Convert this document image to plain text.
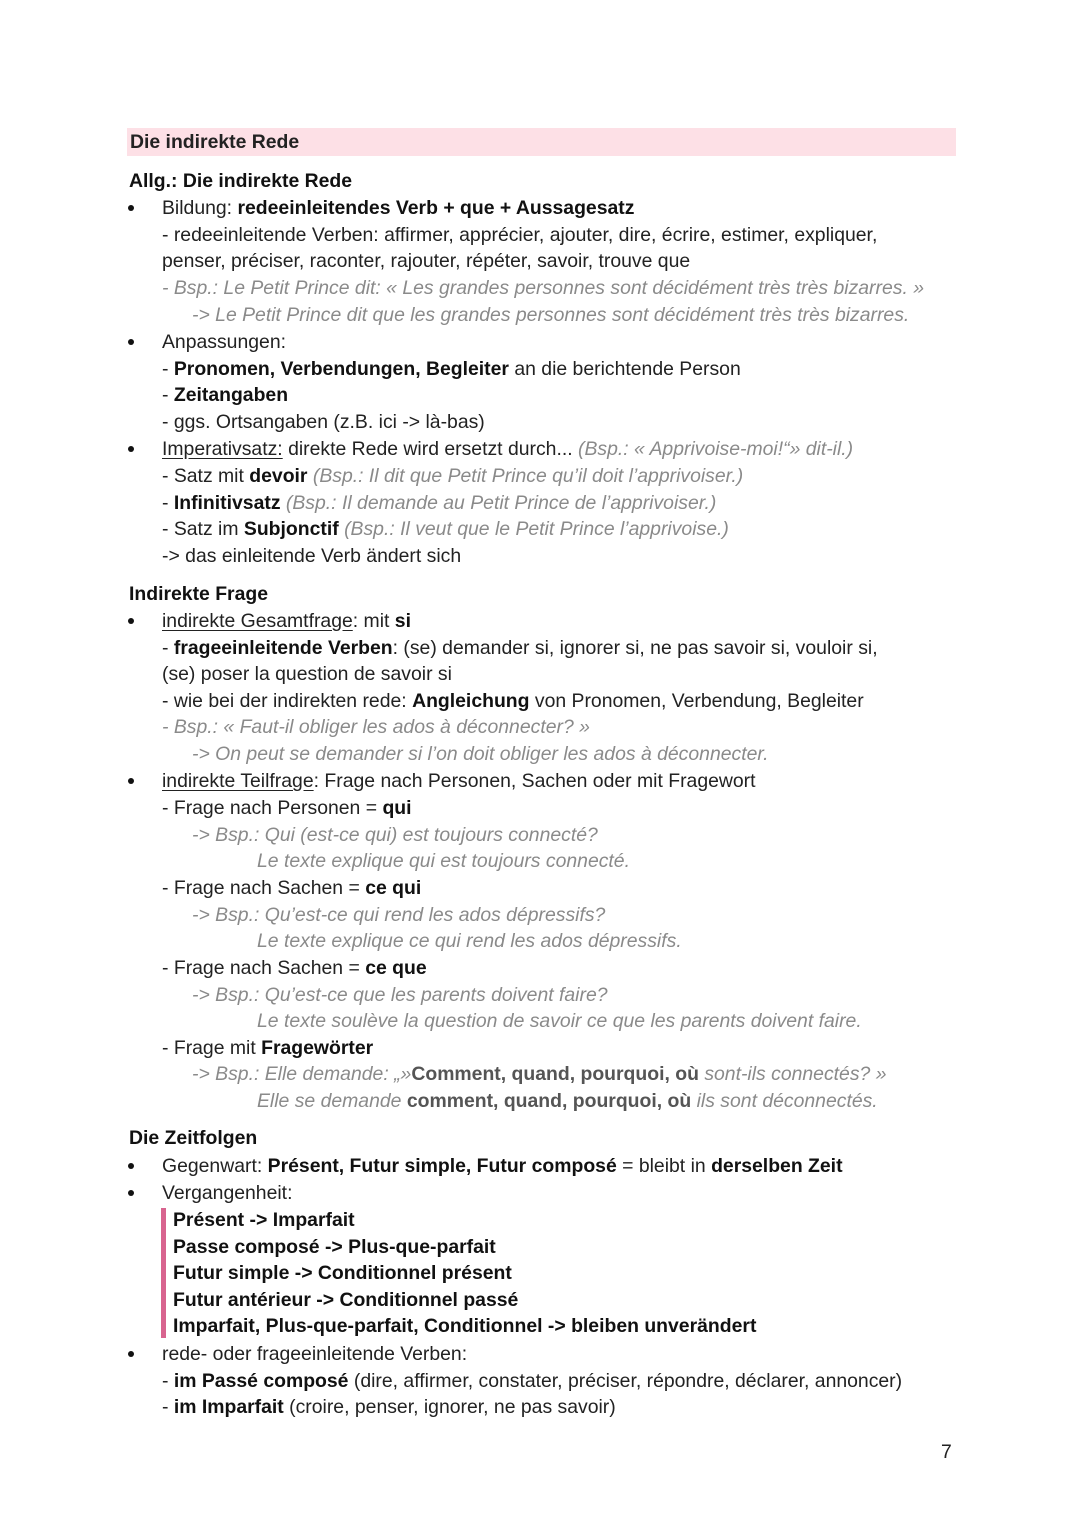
Die indirekte Rede
Allg.: Die indirekte Rede
Bildung: redeeinleitendes Verb + que + Aussagesatz
- redeeinleitende Verben: affirmer, apprécier, ajouter, dire, écrire, estimer, expliquer,
penser, préciser, raconter, rajouter, répéter, savoir, trouve que
- Bsp.: Le Petit Prince dit: « Les grandes personnes sont décidément très très bizarres. »
-> Le Petit Prince dit que les grandes personnes sont décidément très très bizarres.
Anpassungen:
- Pronomen, Verbendungen, Begleiter an die berichtende Person
- Zeitangaben
- ggs. Ortsangaben (z.B. ici -> là-bas)
Imperativsatz: direkte Rede wird ersetzt durch... (Bsp.: « Apprivoise-moi!“» dit-il.)
- Satz mit devoir (Bsp.: Il dit que Petit Prince qu’il doit l’apprivoiser.)
- Infinitivsatz (Bsp.: Il demande au Petit Prince de l’apprivoiser.)
- Satz im Subjonctif (Bsp.: Il veut que le Petit Prince l’apprivoise.)
-> das einleitende Verb ändert sich
Indirekte Frage
indirekte Gesamtfrage: mit si
- frageeinleitende Verben: (se) demander si, ignorer si, ne pas savoir si, vouloir si,
(se) poser la question de savoir si
- wie bei der indirekten rede: Angleichung von Pronomen, Verbendung, Begleiter
- Bsp.: « Faut-il obliger les ados à déconnecter? »
-> On peut se demander si l’on doit obliger les ados à déconnecter.
indirekte Teilfrage: Frage nach Personen, Sachen oder mit Fragewort
- Frage nach Personen = qui
-> Bsp.: Qui (est-ce qui) est toujours connecté?
Le texte explique qui est toujours connecté.
- Frage nach Sachen = ce qui
-> Bsp.: Qu’est-ce qui rend les ados dépressifs?
Le texte explique ce qui rend les ados dépressifs.
- Frage nach Sachen = ce que
-> Bsp.: Qu’est-ce que les parents doivent faire?
Le texte soulève la question de savoir ce que les parents doivent faire.
- Frage mit Fragewörter
-> Bsp.: Elle demande: „»Comment, quand, pourquoi, où sont-ils connectés? »
Elle se demande comment, quand, pourquoi, où ils sont déconnectés.
Die Zeitfolgen
Gegenwart: Présent, Futur simple, Futur composé = bleibt in derselben Zeit
Vergangenheit:
Présent -> Imparfait
Passe composé -> Plus-que-parfait
Futur simple -> Conditionnel présent
Futur antérieur -> Conditionnel passé
Imparfait, Plus-que-parfait, Conditionnel -> bleiben unverändert
rede- oder frageeinleitende Verben:
- im Passé composé (dire, affirmer, constater, préciser, répondre, déclarer, annoncer)
- im Imparfait (croire, penser, ignorer, ne pas savoir)
7
